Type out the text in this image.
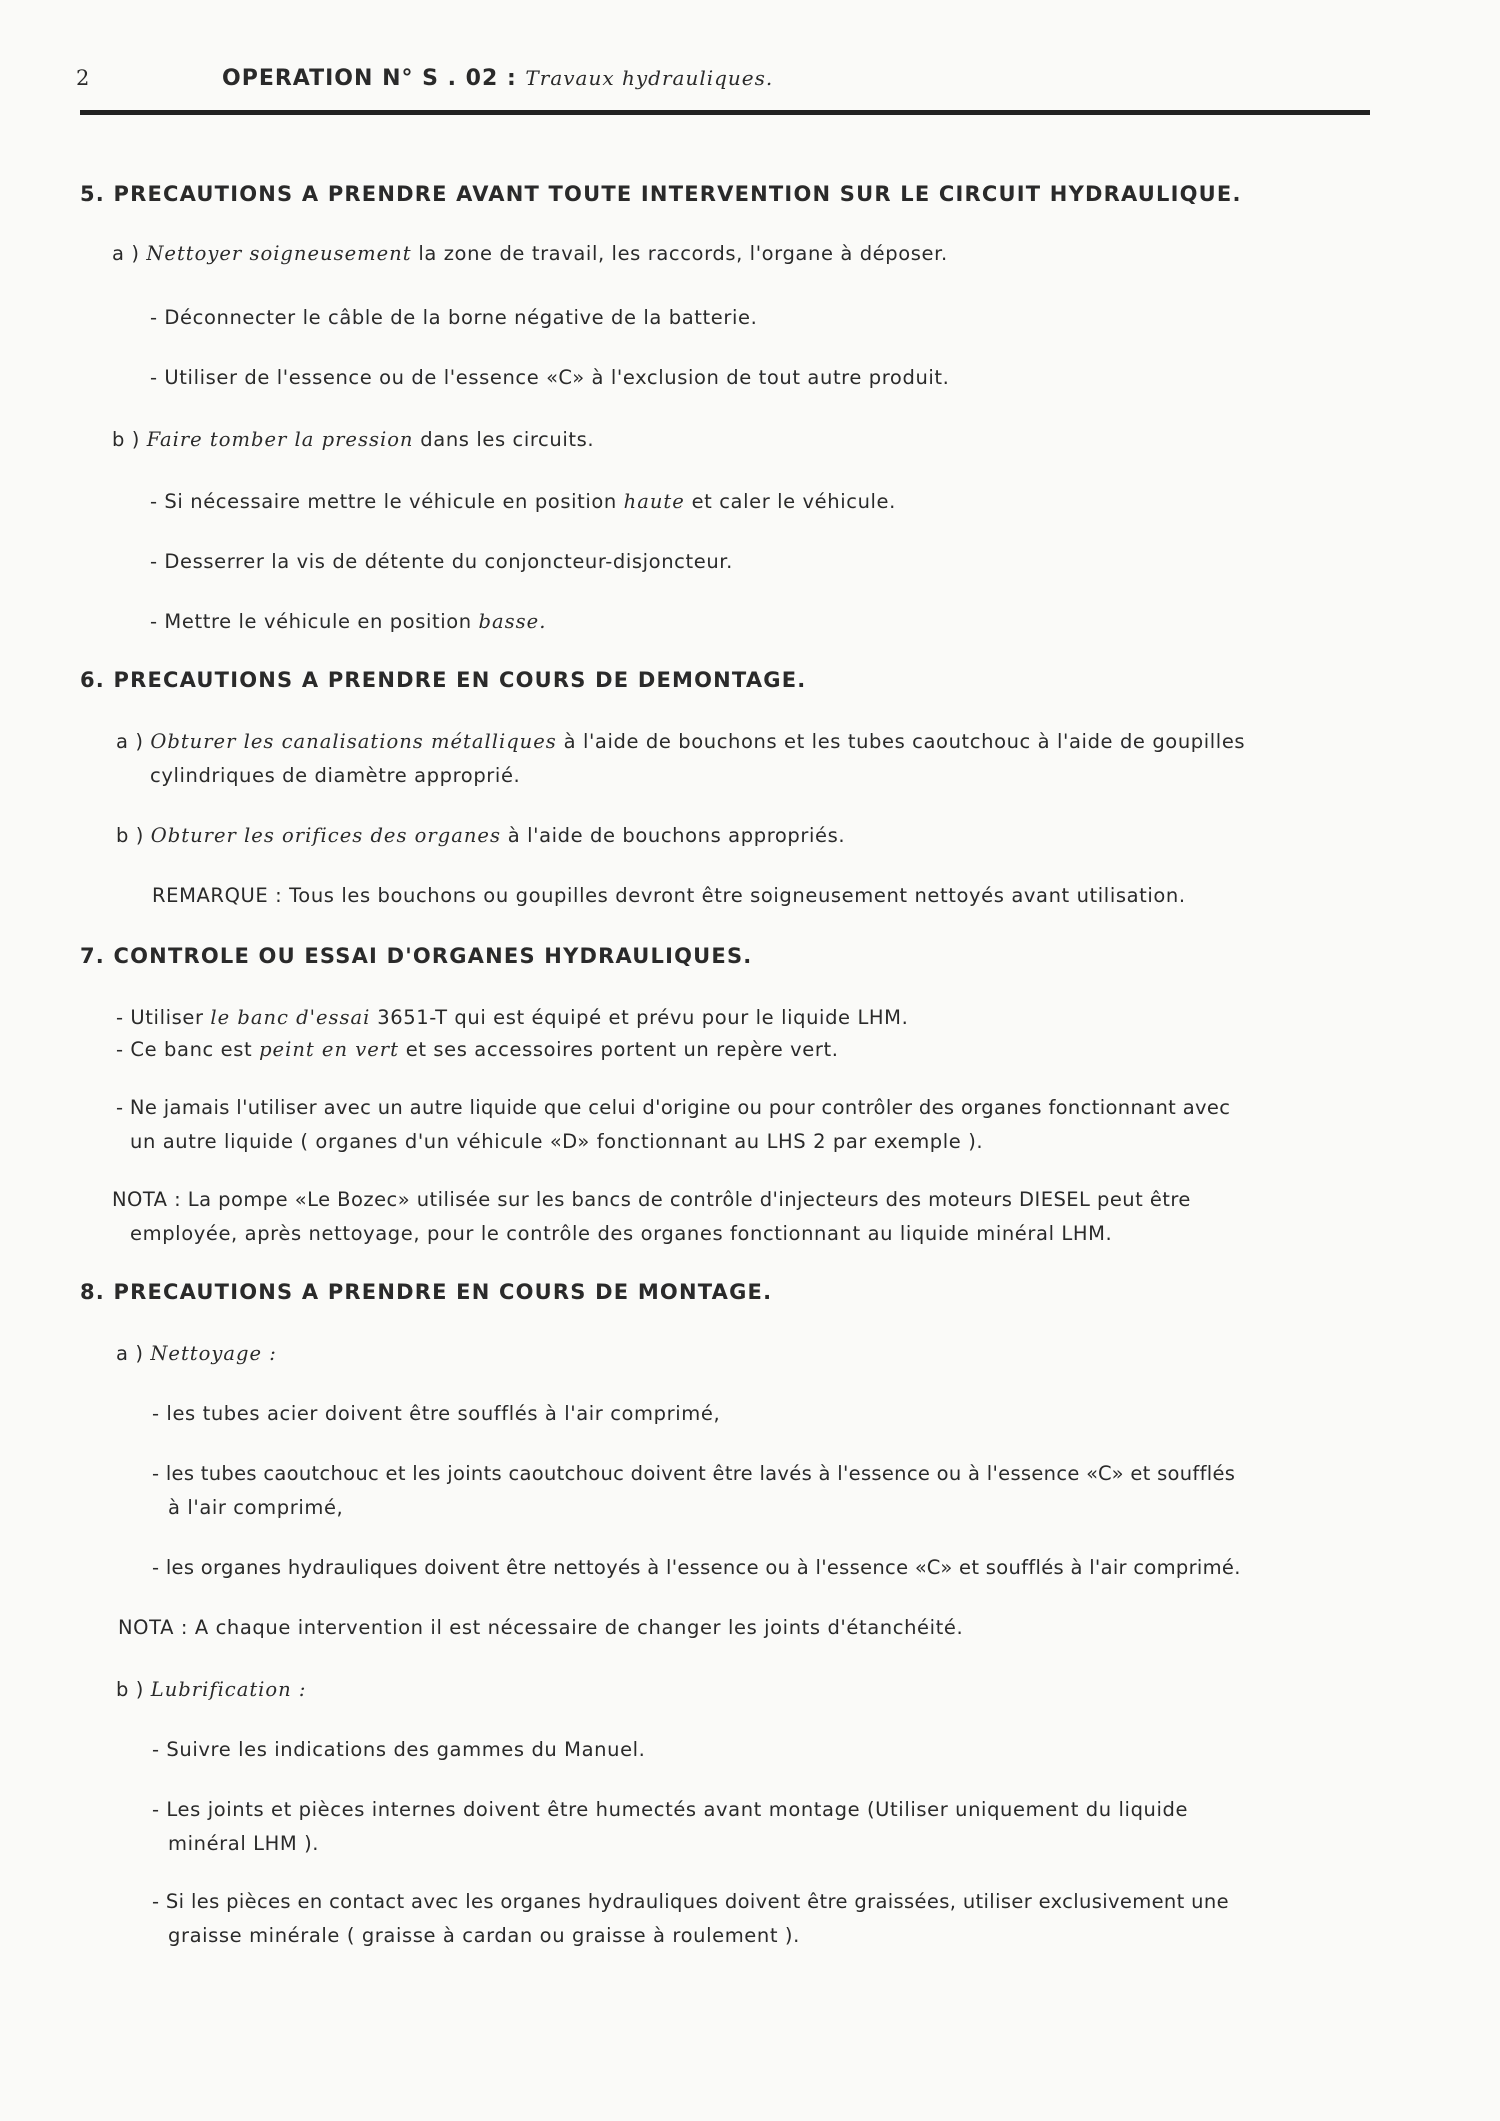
2	OPERATION N° S . 02 : Travaux hydrauliques.
5. PRECAUTIONS A PRENDRE AVANT TOUTE INTERVENTION SUR LE CIRCUIT HYDRAULIQUE.
a ) Nettoyer soigneusement la zone de travail, les raccords, l'organe à déposer.
- Déconnecter le câble de la borne négative de la batterie.
- Utiliser de l'essence ou de l'essence «C» à l'exclusion de tout autre produit.
b ) Faire tomber la pression dans les circuits.
- Si nécessaire mettre le véhicule en position haute et caler le véhicule.
- Desserrer la vis de détente du conjoncteur-disjoncteur.
- Mettre le véhicule en position basse.
6. PRECAUTIONS A PRENDRE EN COURS DE DEMONTAGE.
a ) Obturer les canalisations métalliques à l'aide de bouchons et les tubes caoutchouc à l'aide de goupilles
cylindriques de diamètre approprié.
b ) Obturer les orifices des organes à l'aide de bouchons appropriés.
REMARQUE : Tous les bouchons ou goupilles devront être soigneusement nettoyés avant utilisation.
7. CONTROLE OU ESSAI D'ORGANES HYDRAULIQUES.
- Utiliser le banc d'essai 3651-T qui est équipé et prévu pour le liquide LHM.
- Ce banc est peint en vert et ses accessoires portent un repère vert.
- Ne jamais l'utiliser avec un autre liquide que celui d'origine ou pour contrôler des organes fonctionnant avec
un autre liquide ( organes d'un véhicule «D» fonctionnant au LHS 2 par exemple ).
NOTA : La pompe «Le Bozec» utilisée sur les bancs de contrôle d'injecteurs des moteurs DIESEL peut être
employée, après nettoyage, pour le contrôle des organes fonctionnant au liquide minéral LHM.
8. PRECAUTIONS A PRENDRE EN COURS DE MONTAGE.
a ) Nettoyage :
- les tubes acier doivent être soufflés à l'air comprimé,
- les tubes caoutchouc et les joints caoutchouc doivent être lavés à l'essence ou à l'essence «C» et soufflés
à l'air comprimé,
- les organes hydrauliques doivent être nettoyés à l'essence ou à l'essence «C» et soufflés à l'air comprimé.
NOTA : A chaque intervention il est nécessaire de changer les joints d'étanchéité.
b ) Lubrification :
- Suivre les indications des gammes du Manuel.
- Les joints et pièces internes doivent être humectés avant montage (Utiliser uniquement du liquide
minéral LHM ).
- Si les pièces en contact avec les organes hydrauliques doivent être graissées, utiliser exclusivement une
graisse minérale ( graisse à cardan ou graisse à roulement ).
